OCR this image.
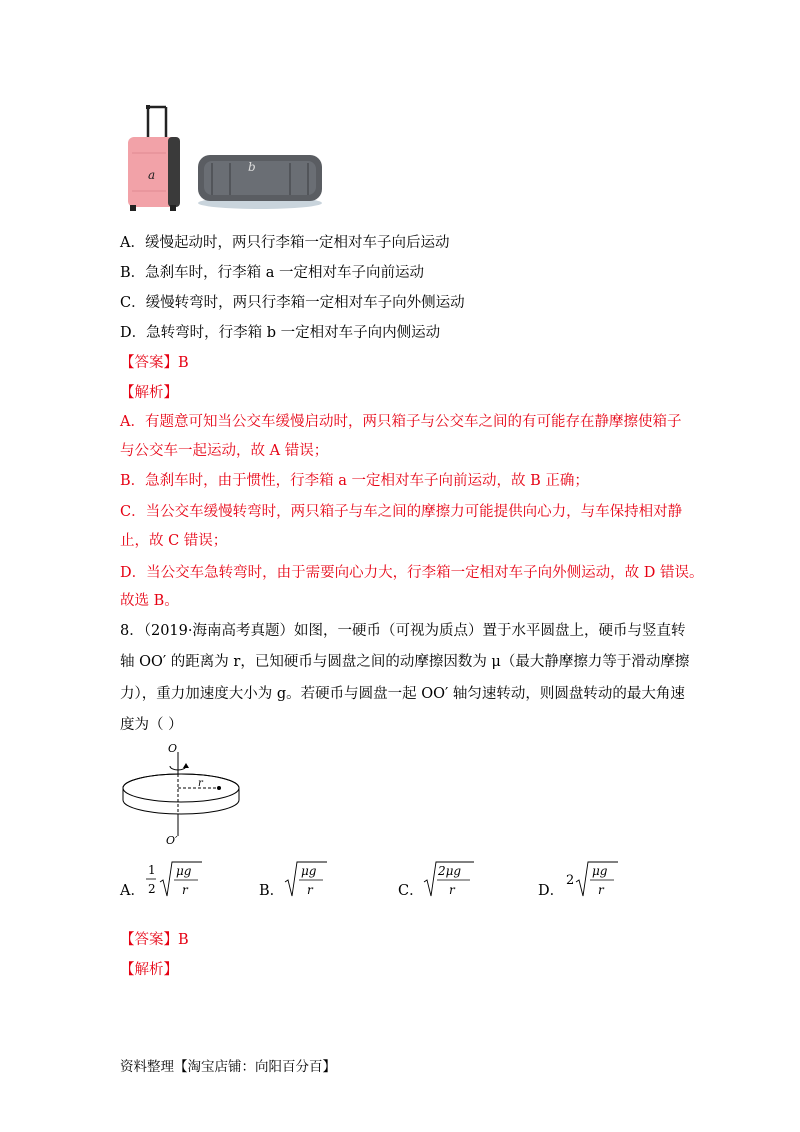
a
b
A．缓慢起动时，两只行李箱一定相对车子向后运动
B．急刹车时，行李箱 a 一定相对车子向前运动
C．缓慢转弯时，两只行李箱一定相对车子向外侧运动
D．急转弯时，行李箱 b 一定相对车子向内侧运动
【答案】B
【解析】
A．有题意可知当公交车缓慢启动时，两只箱子与公交车之间的有可能存在静摩擦使箱子
与公交车一起运动，故 A 错误；
B．急刹车时，由于惯性，行李箱 a 一定相对车子向前运动，故 B 正确；
C．当公交车缓慢转弯时，两只箱子与车之间的摩擦力可能提供向心力，与车保持相对静
止，故 C 错误；
D．当公交车急转弯时，由于需要向心力大，行李箱一定相对车子向外侧运动，故 D 错误。
故选 B。
8．（2019·海南高考真题）如图，一硬币（可视为质点）置于水平圆盘上，硬币与竖直转
轴 OO′ 的距离为 r，已知硬币与圆盘之间的动摩擦因数为 μ（最大静摩擦力等于滑动摩擦
力），重力加速度大小为 g。若硬币与圆盘一起 OO′ 轴匀速转动，则圆盘转动的最大角速
度为（ ）
O
r
O′
A．
1
2
μg
r	B．
μg
r	C．
2μg
r	D．
2
μg
r
【答案】B
【解析】
资料整理【淘宝店铺：向阳百分百】
